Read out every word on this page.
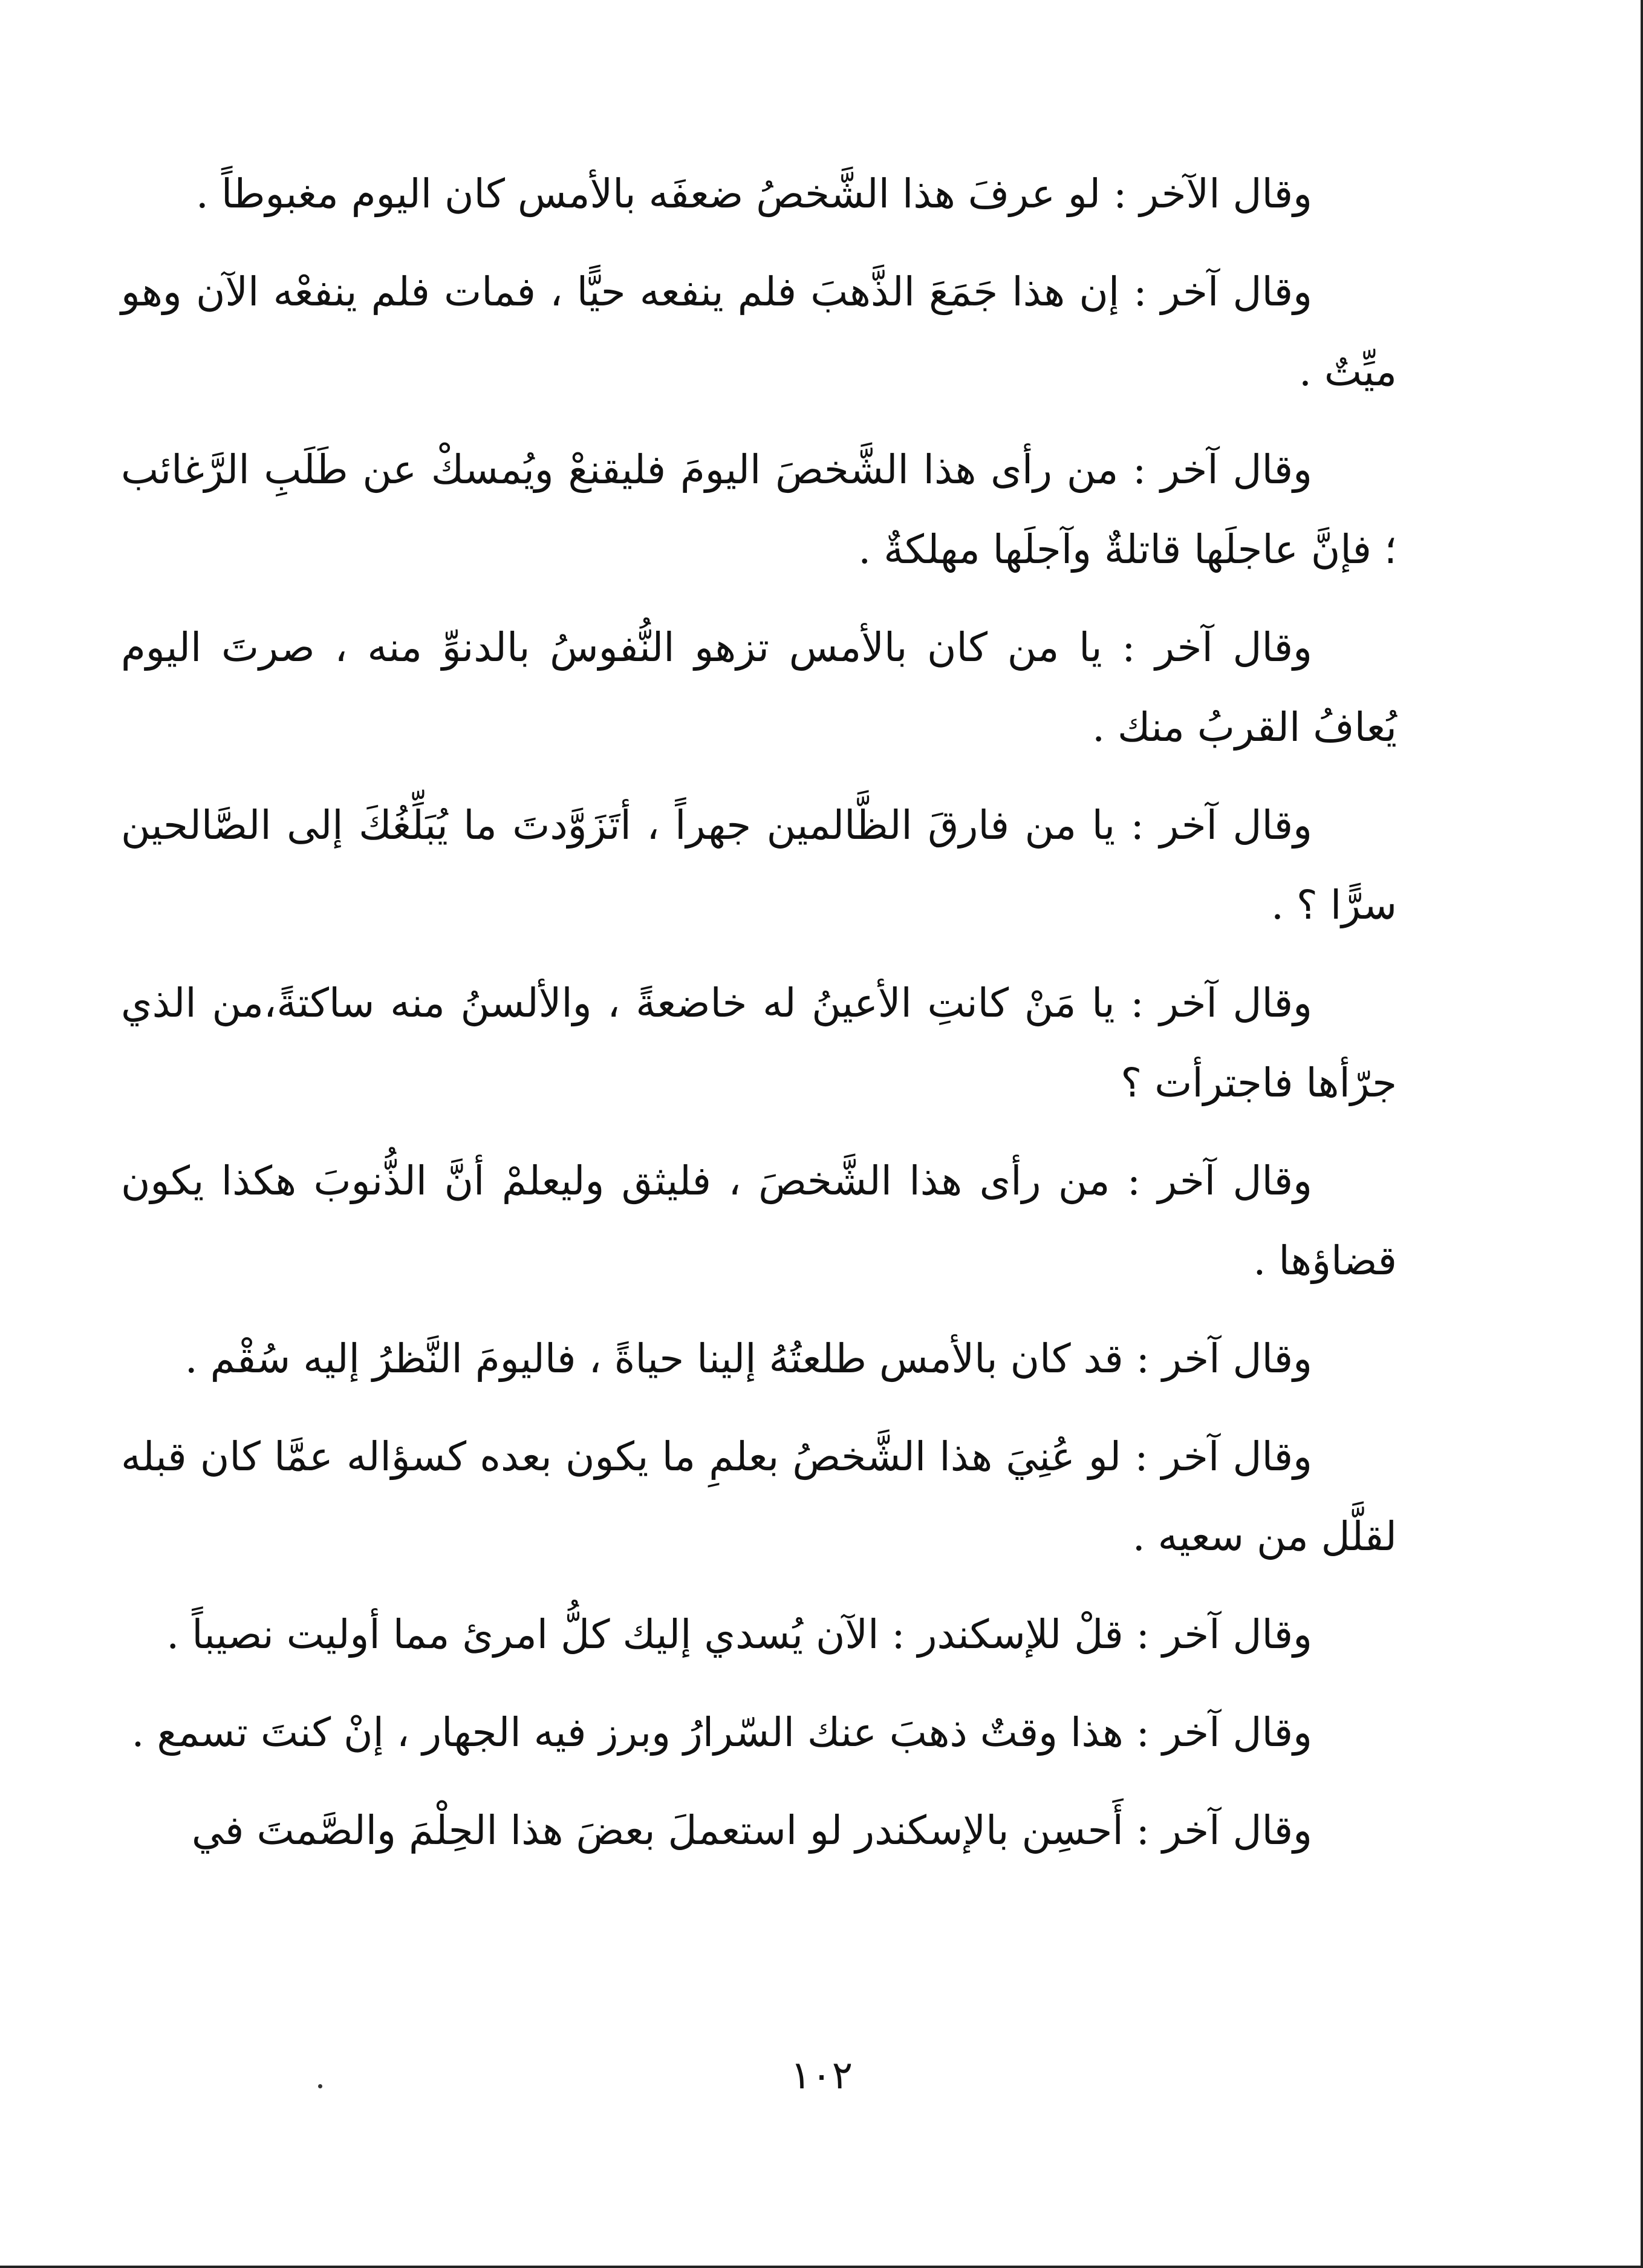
وقال الآخر : لو عرفَ هذا الشَّخصُ ضعفَه بالأمس كان اليوم مغبوطاً .

وقال آخر : إن هذا جَمَعَ الذَّهبَ فلم ينفعه حيًّا ، فمات فلم ينفعْه الآن وهو ميِّتٌ .

وقال آخر : من رأى هذا الشَّخصَ اليومَ فليقنعْ ويُمسكْ عن طَلَبِ الرَّغائب ؛ فإنَّ عاجلَها قاتلةٌ وآجلَها مهلكةٌ .

وقال آخر : يا من كان بالأمس تزهو النُّفوسُ بالدنوِّ منه ، صرتَ اليوم يُعافُ القربُ منك .

وقال آخر : يا من فارقَ الظَّالمين جهراً ، أتَزَوَّدتَ ما يُبَلِّغُكَ إلى الصَّالحين سرًّا ؟ .

وقال آخر : يا مَنْ كانتِ الأعينُ له خاضعةً ، والألسنُ منه ساكتةً،من الذي جرّأها فاجترأت ؟

وقال آخر : من رأى هذا الشَّخصَ ، فليثق وليعلمْ أنَّ الذُّنوبَ هكذا يكون قضاؤها .

وقال آخر : قد كان بالأمس طلعتُهُ إلينا حياةً ، فاليومَ النَّظرُ إليه سُقْم .

وقال آخر : لو عُنِيَ هذا الشَّخصُ بعلمِ ما يكون بعده كسؤاله عمَّا كان قبله لقلَّل من سعيه .

وقال آخر : قلْ للإسكندر : الآن يُسدي إليك كلُّ امرئ مما أوليت نصيباً .

وقال آخر : هذا وقتٌ ذهبَ عنك السّرارُ وبرز فيه الجهار ، إنْ كنتَ تسمع .

وقال آخر : أَحسِن بالإسكندر لو استعملَ بعضَ هذا الحِلْمَ والصَّمتَ في

١٠٢
